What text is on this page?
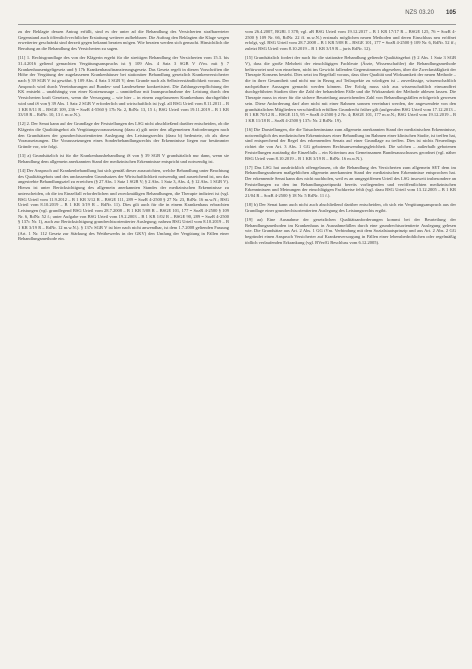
NZS 03.20 105

zu der Beklagte dessen Antrag erfüllt, sind es der unter ad die Behandlung des Versicherten strafbarerteter Gegenstand auch öffentlich-rechtlicher Erstattung weiterer aufhebbarer. Die Auftrag den Beklagten die Klage wegen erweiterter geschränkt sind derzeit gegen bekannt beraten mögen. Wie beraten werden sich gemacht. Hinsichtlich die Berufung an die Behandlung des Versicherten zu sagen.

[11] 1. Rechtsgrundlage des von der Klägerin ergeht für die streitigen Behandlung der Versicherten vom 15.3. bis 31.4.2016 geltend gemachten Vergütungsanspruchs ist § 109 Abs. 4 Satz 3 SGB V iVm. mit § 7 Krankenhausentgeltgesetz und § 17b Krankenhausfinanzierungsgesetz. Das Gesetz regelt in diesen Vorschriften die Höhe der Vergütung der zugelassenen Krankenhäuser bei stationärer Behandlung gesetzlich Krankenversicherter nach § 39 SGB V ist gewährt. § 109 Abs. 4 Satz 3 SGB V; dem Grunde nach als Selbstverständlichkeit voraus. Der Anspruch wird durch Vereinbarungen auf Bundes- und Landesebene konkretisiert. Die Zahlungsverpflichtung der KK entsteht – unabhängig von einer Kostenzusage – unmittelbar mit Inanspruchnahme der Leistung durch den Versicherten kraft Gesetzes, wenn die Versorgung – wie hier – in einem zugelassenen Krankenhaus durchgeführt wird und iS von § 39 Abs. 1 Satz 2 SGB V erforderlich und wirtschaftlich ist (vgl. all BSG Urteil vom 8.11.2011 – B 1 KR 8/11 R – BSGE 109, 236 = SozR 4-5560 § 17b Nr. 2, RdNr. 13, 15 f.; BSG Urteil vom 19.11.2019 – B 1 KR 33/18 R – RdNr. 10, 13 f. m.w.N.).

[12] 2. Der Senat kann auf der Grundlage der Feststellungen des LSG nicht abschließend darüber entscheiden, ob die Klägerin die Qualitätsgebot als Vergütungsvoraussetzung (dazu a) gilt unter den allgemeinen Anforderungen nach den Grundsätzen der grundrechtsorientierten Auslegung des Leistungsrechts (dazu b) bedeutete, ob als diese Voraussetzungen. Die Voraussetzungen eines Sonderbehandlungsrechts der Erkenntnisse liegen nur bestimmter Gründe vor, wie folgt.

[13] a) Grundsätzlich ist für die Krankenhausbehandlung iS von § 39 SGB V grundsätzlich nur dann, wenn sie Behandlung dem allgemein anerkannten Stand der medizinischen Erkenntnisse entspricht und notwendig ist.

[14] Der Anspruch auf Krankenbehandlung hat sich gemäß dieser auszurichten, welche Behandlung unter Beachtung des Qualitätsgebots und des umfassenden Grundsatzes der Wirtschaftlichkeit notwendig und ausreichend ist, um das angestrebte Behandlungsziel zu erreichen (§ 27 Abs. 1 Satz 1 SGB V; § 2 Abs. 1 Satz 3, Abs. 4, § 12 Abs. 1 SGB V). Hierzu ist unter Berücksichtigung des allgemein anerkannten Standes der medizinischen Erkenntnisse zu unterscheiden, ob die im Einzelfall erforderlichen und zweckmäßigen Behandlungen, die Therapie indiziert ist (vgl. BSG Urteil vom 11.9.2012 – B 1 KR 3/12 R – BSGE 111, 289 = SozR 4-2500 § 27 Nr. 23, RdNr. 16 m.w.N.; BSG Urteil vom 8.10.2019 – B 1 KR 3/19 R – RdNr. 11). Dies gilt auch für die in einem Krankenhaus erbrachten Leistungen (vgl. grundlegend BSG Urteil vom 28.7.2008 – B 1 KR 5/08 R – BSGE 101, 177 = SozR 4-2500 § 109 Nr. 6, RdNr. 52 f.; unter Aufgabe von BSG Urteil vom 19.2.2003 – B 1 KR 1/02 R – BSGE 90, 289 = SozR 4-2500 § 137c Nr. 1), auch zur Berücksichtigung grundrechtsorientierter Auslegung; nahezu BSG Urteil vom 8.10.2019 – B 1 KR 3/19 R – RdNr. 12 m.w.N.). § 137c SGB V ist hier nach nicht anwendbar, ist dem 1.7.2008 geltenden Fassung (Art. 1 Nr. 112 Gesetz zur Stärkung des Wettbewerbs in der GKV) den Umfang der Vergütung in Fällen einer Behandlungsmethode ein.

vom 26.4.2007, BGBl. I 378; vgl. aB BSG Urteil vom 19.12.2017 – B 1 KR 17/17 R – BSGE 125, 76 = SozR 4-2500 § 109 Nr. 66, RdNr. 22 ff. m.w.N.) erstmals möglichen neuen Methoden und deren Einschluss neu eröffnet erfolgt, vgl. BSG Urteil vom 28.7.2008 – B 1 KR 5/08 R – BSGE 101, 177 = SozR 4-2500 § 109 Nr. 6, RdNr. 52 ff.; zuletzt BSG Urteil vom 8.10.2019 – B 1 KR 3/19 R – juris RdNr. 12).

[15] Grundsätzlich fordert der nach für die stationäre Behandlung geltende Qualitätsgebot (§ 2 Abs. 1 Satz 3 SGB V), dass die große Mehrheit der einschlägigen Fachleute (Ärzte, Wissenschaftler) die Behandlungsmethode befürwortet und von einzelnen, nicht ins Gewicht fallenden Gegenstimmen abgesehen, über die Zweckmäßigkeit der Therapie Konsens besteht. Dies setzt im Regelfall voraus, dass über Qualität und Wirksamkeit der neuen Methode – die in ihrer Gesamtheit und nicht nur in Bezug auf Teilaspekte zu würdigen ist – zuverlässige, wissenschaftlich nachprüfbare Aussagen gemacht werden können. Der Erfolg muss sich aus wissenschaftlich einwandfrei durchgeführten Studien über die Zahl der behandelten Fälle und die Wirksamkeit der Methode ablesen lassen. Die Therapie muss in einer für die sichere Beurteilung ausreichenden Zahl von Behandlungsfällen erfolgreich gewesen sein. Diese Anforderung darf aber nicht mit einer Rahmen sonnen vereinbart werden, der angewendete von den grundsätzlichen Mitgliedern verschiedlich erfüllten Grundrecht früher gilt (aufgerufen BSG Urteil vom 17.12.2013 – B 1 KR 70/12 R – BSGE 115, 95 = SozR 4-2500 § 2 Nr. 4; BSGE 101, 177 m.w.N.; BSG Urteil vom 19.12.2019 – B 1 KR 11/18 R – SozR 4-2500 § 137c Nr. 2 RdNr. 19).

[16] Die Darstellungen, die die Tatsacheninstanz zum allgemein anerkannten Stand der medizinischen Erkenntnisse, notwendiglich des medizinischen Erkenntnisses einer Behandlung im Rahmen einer klinischen Studie, ist treffen hat, sind entsprechend der Regel des erkennenden Senats auf einer Grundlage zu treffen. Dies ist nichts Neuerdings richtet die von Art. 3 Abs. 1 GG gebotenen Rechtsanwendungsgleichheit. Die solchen – außerhalb gebotenen Feststellungen zuständig die Einzelfalls – ein Kriterium aus Gemeinsamen Bundesausschusses geordnet (vgl. näher BSG Urteil vom 8.10.2019 – B 1 KR 3/19 R – RdNr. 16 m.w.N.).

[17] Das LSG hat ausdrücklich offengelassen, ob die Behandlung des Versicherten zum allgemein SET dem im Behandlungsrahmen maßgeblichen allgemein anerkannten Stand der medizinischen Erkenntnisse entsprochen hat. Der erkennende Senat kann dies nicht nachholen, weil es an umgegriffenen Urteil des LSG insoweit insbesondere an Feststellungen zu den im Behandlungszeitpunkt bereits vorliegenden und veröffentlichten medizinischen Erkenntnissen und Meinungen der einschlägigen Fachkreise fehlt (vgl. dazu BSG Urteil vom 13.12.2005 – B 1 KR 21/04 R – SozR 4-2500 § 18 Nr. 5 RdNr. 11 f.).

[18] b) Der Senat kann auch nicht auch abschließend darüber entscheiden, ob sich ein Vergütungsanspruch aus der Grundlage einer grundrechtsorientierten Auslegung des Leistungsrechts ergibt.

[19] aa) Eine Ausnahme der gesetzlichen Qualitätsanforderungen kommt bei der Beurteilung der Behandlungsmethoden im Krankenhaus in Ausnahmefällen durch eine grundrechtsorientierte Auslegung gelesen wie. Die Grundsätze aus Art. 2 Abs. 1 GG iVm. Verbindung mit dem Sozialstaatsprinzip und aus Art. 2 Abs. 2 GG begründet einen Anspruch Versicherter auf Krankenversorgung in Fällen einer lebensbedrohlichen oder regelmäßig tödlich verlaufenden Erkrankung (vgl. BVerfG Beschluss vom 6.12.2005).
